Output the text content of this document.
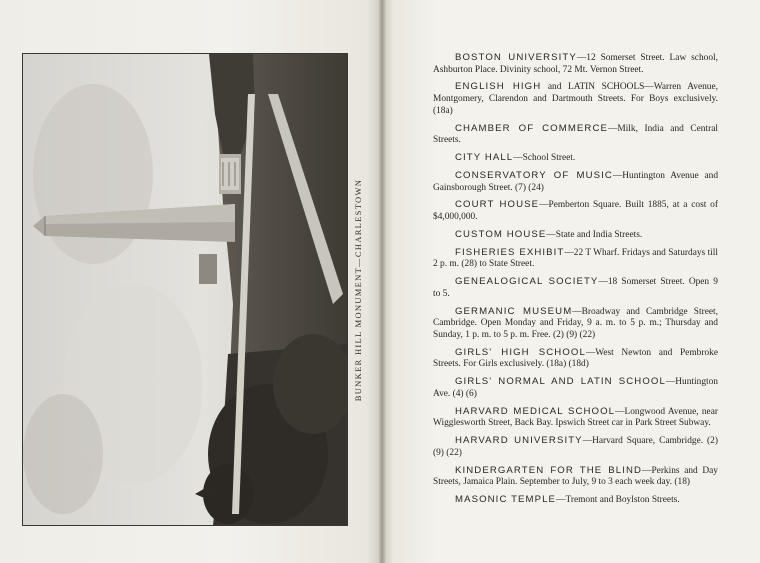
BUNKER HILL MONUMENT—CHARLESTOWN

BOSTON UNIVERSITY—12 Somerset Street. Law school, Ashburton Place. Divinity school, 72 Mt. Vernon Street.

ENGLISH HIGH and LATIN SCHOOLS—Warren Avenue, Montgomery, Clarendon and Dartmouth Streets. For Boys exclusively. (18a)

CHAMBER OF COMMERCE—Milk, India and Central Streets.

CITY HALL—School Street.

CONSERVATORY OF MUSIC—Huntington Avenue and Gainsborough Street. (7) (24)

COURT HOUSE—Pemberton Square. Built 1885, at a cost of $4,000,000.

CUSTOM HOUSE—State and India Streets.

FISHERIES EXHIBIT—22 T Wharf. Fridays and Saturdays till 2 p. m. (28) to State Street.

GENEALOGICAL SOCIETY—18 Somerset Street. Open 9 to 5.

GERMANIC MUSEUM—Broadway and Cambridge Street, Cambridge. Open Monday and Friday, 9 a. m. to 5 p. m.; Thursday and Sunday, 1 p. m. to 5 p. m. Free. (2) (9) (22)

GIRLS' HIGH SCHOOL—West Newton and Pembroke Streets. For Girls exclusively. (18a) (18d)

GIRLS' NORMAL AND LATIN SCHOOL—Huntington Ave. (4) (6)

HARVARD MEDICAL SCHOOL—Longwood Avenue, near Wigglesworth Street, Back Bay. Ipswich Street car in Park Street Subway.

HARVARD UNIVERSITY—Harvard Square, Cambridge. (2) (9) (22)

KINDERGARTEN FOR THE BLIND—Perkins and Day Streets, Jamaica Plain. September to July, 9 to 3 each week day. (18)

MASONIC TEMPLE—Tremont and Boylston Streets.
